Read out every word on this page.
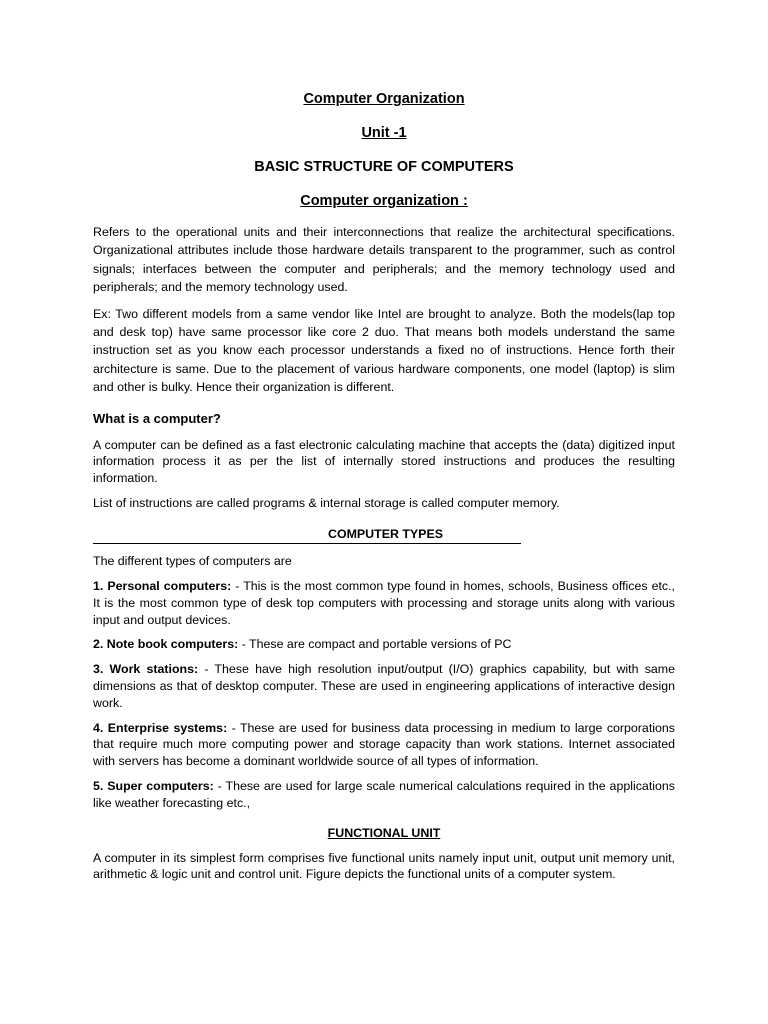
Computer Organization
Unit -1
BASIC STRUCTURE OF COMPUTERS
Computer organization :

Refers to the operational units and their interconnections that realize the architectural specifications. Organizational attributes include those hardware details transparent to the programmer, such as control signals; interfaces between the computer and peripherals; and the memory technology used and peripherals; and the memory technology used.

Ex: Two different models from a same vendor like Intel are brought to analyze. Both the models(lap top and desk top) have same processor like core 2 duo. That means both models understand the same instruction set as you know each processor understands a fixed no of instructions. Hence forth their architecture is same. Due to the placement of various hardware components, one model (laptop) is slim and other is bulky. Hence their organization is different.

What is a computer?

A computer can be defined as a fast electronic calculating machine that accepts the (data) digitized input information process it as per the list of internally stored instructions and produces the resulting information.

List of instructions are called programs & internal storage is called computer memory.

COMPUTER TYPES

The different types of computers are

1. Personal computers: - This is the most common type found in homes, schools, Business offices etc., It is the most common type of desk top computers with processing and storage units along with various input and output devices.

2. Note book computers: - These are compact and portable versions of PC

3. Work stations: - These have high resolution input/output (I/O) graphics capability, but with same dimensions as that of desktop computer. These are used in engineering applications of interactive design work.

4. Enterprise systems: - These are used for business data processing in medium to large corporations that require much more computing power and storage capacity than work stations. Internet associated with servers has become a dominant worldwide source of all types of information.

5. Super computers: - These are used for large scale numerical calculations required in the applications like weather forecasting etc.,

FUNCTIONAL UNIT

A computer in its simplest form comprises five functional units namely input unit, output unit memory unit, arithmetic & logic unit and control unit. Figure depicts the functional units of a computer system.
